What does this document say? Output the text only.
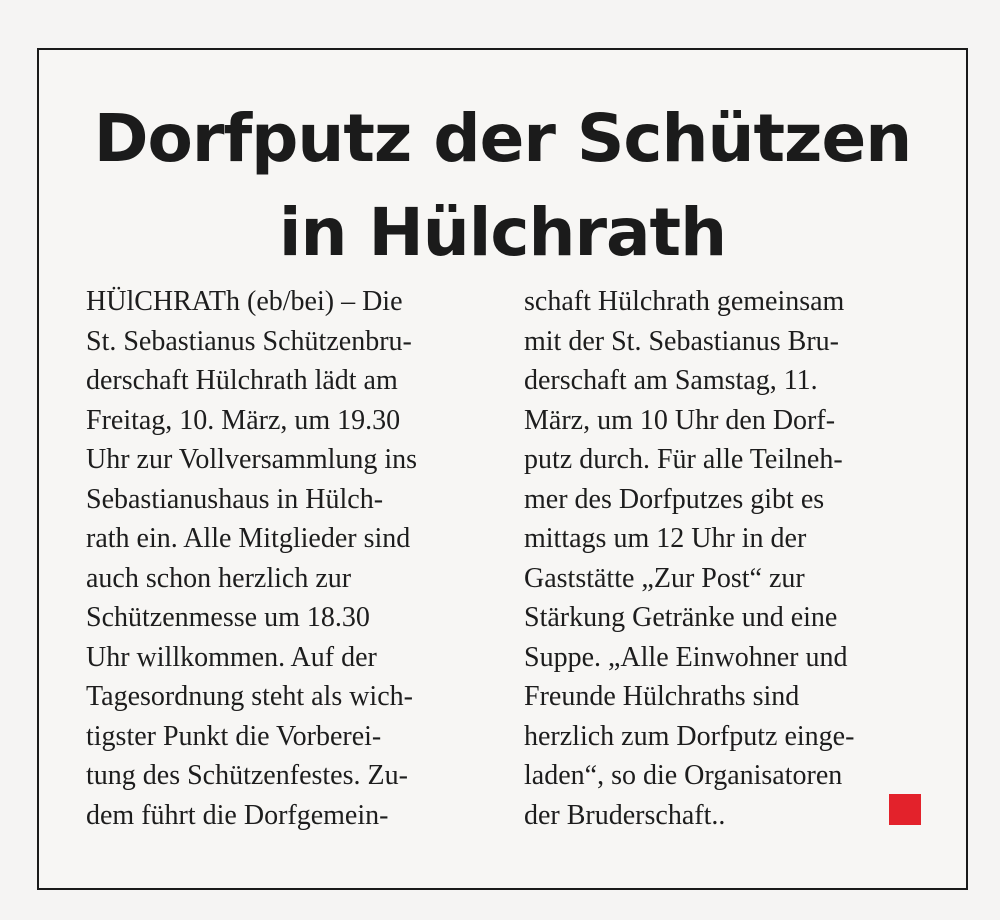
Dorfputz der Schützen
in Hülchrath
HÜlCHRATh (eb/bei) – Die
St. Sebastianus Schützenbru-
derschaft Hülchrath lädt am
Freitag, 10. März, um 19.30
Uhr zur Vollversammlung ins
Sebastianushaus in Hülch-
rath ein. Alle Mitglieder sind
auch schon herzlich zur
Schützenmesse um 18.30
Uhr willkommen. Auf der
Tagesordnung steht als wich-
tigster Punkt die Vorberei-
tung des Schützenfestes. Zu-
dem führt die Dorfgemein-
schaft Hülchrath gemeinsam
mit der St. Sebastianus Bru-
derschaft am Samstag, 11.
März, um 10 Uhr den Dorf-
putz durch. Für alle Teilneh-
mer des Dorfputzes gibt es
mittags um 12 Uhr in der
Gaststätte „Zur Post“ zur
Stärkung Getränke und eine
Suppe. „Alle Einwohner und
Freunde Hülchraths sind
herzlich zum Dorfputz einge-
laden“, so die Organisatoren
der Bruderschaft..
